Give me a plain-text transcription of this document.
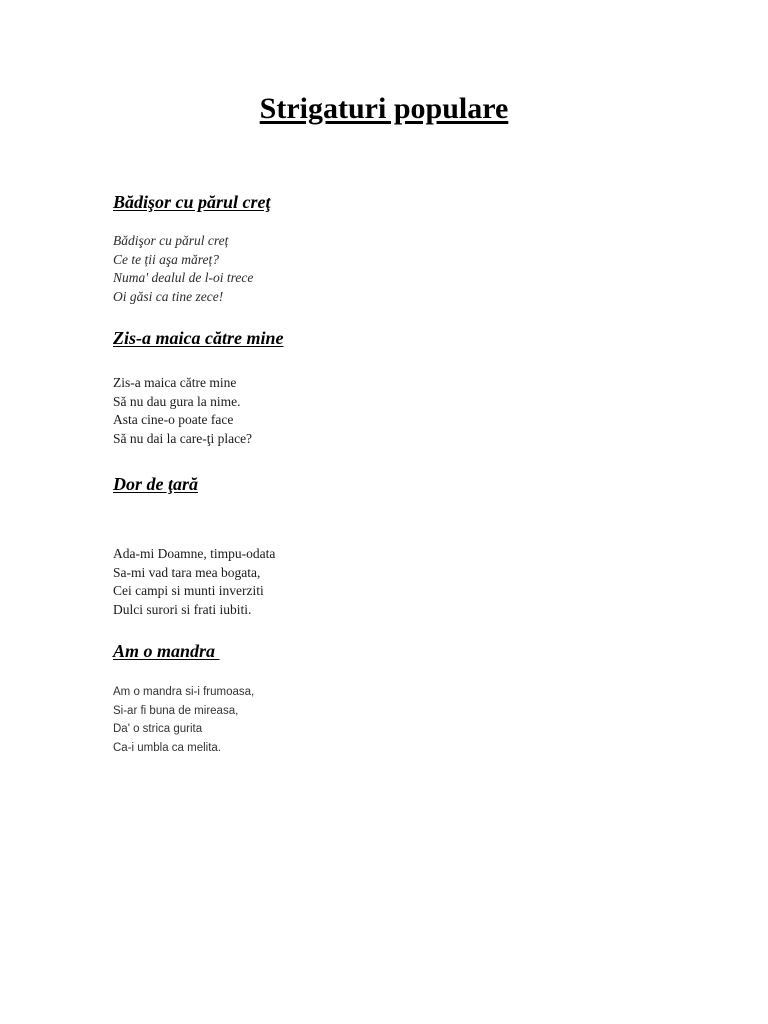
Strigaturi populare
Bădişor cu părul creţ
Bădişor cu părul creț
Ce te ții aşa măreț?
Numa' dealul de l-oi trece
Oi găsi ca tine zece!
Zis-a maica către mine
Zis-a maica către mine
Să nu dau gura la nime.
Asta cine-o poate face
Să nu dai la care-ţi place?
Dor de ţară
Ada-mi Doamne, timpu-odata
Sa-mi vad tara mea bogata,
Cei campi si munti inverziti
Dulci surori si frati iubiti.
Am o mandra
Am o mandra si-i frumoasa,
Si-ar fi buna de mireasa,
Da' o strica gurita
Ca-i umbla ca melita.
